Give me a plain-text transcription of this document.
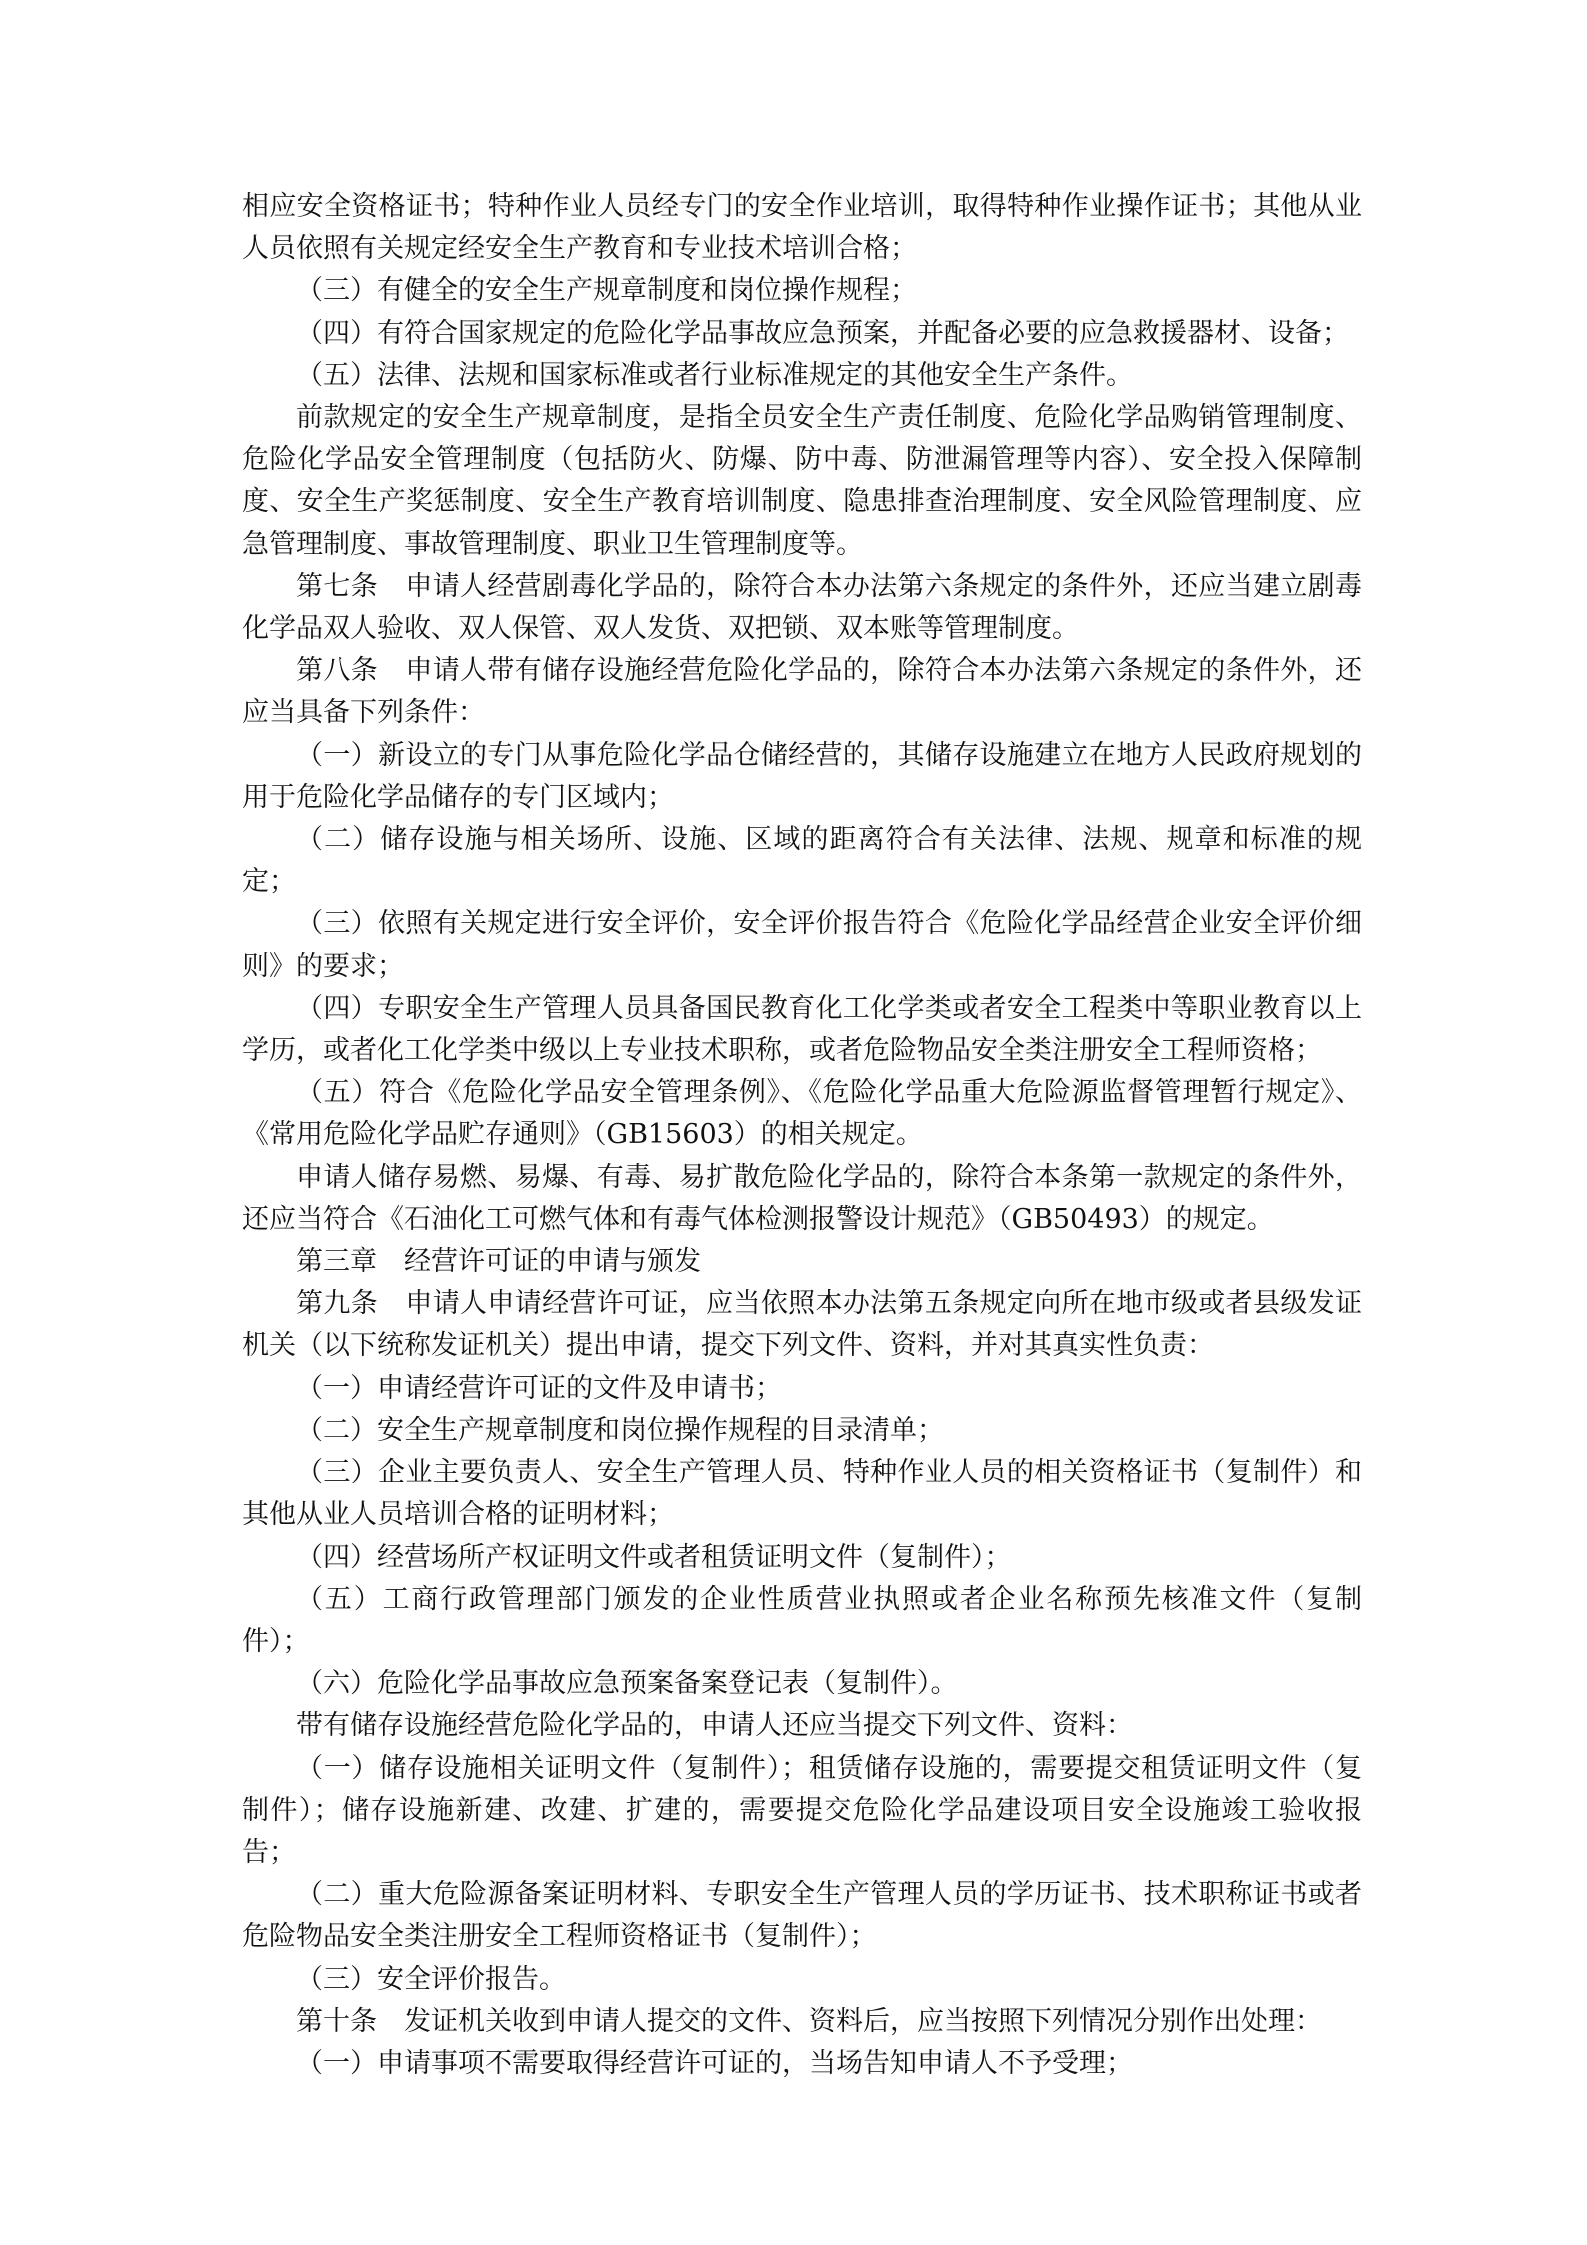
相应安全资格证书；特种作业人员经专门的安全作业培训，取得特种作业操作证书；其他从业人员依照有关规定经安全生产教育和专业技术培训合格；

（三）有健全的安全生产规章制度和岗位操作规程；

（四）有符合国家规定的危险化学品事故应急预案，并配备必要的应急救援器材、设备；

（五）法律、法规和国家标准或者行业标准规定的其他安全生产条件。

前款规定的安全生产规章制度，是指全员安全生产责任制度、危险化学品购销管理制度、危险化学品安全管理制度（包括防火、防爆、防中毒、防泄漏管理等内容）、安全投入保障制度、安全生产奖惩制度、安全生产教育培训制度、隐患排查治理制度、安全风险管理制度、应急管理制度、事故管理制度、职业卫生管理制度等。

第七条　申请人经营剧毒化学品的，除符合本办法第六条规定的条件外，还应当建立剧毒化学品双人验收、双人保管、双人发货、双把锁、双本账等管理制度。

第八条　申请人带有储存设施经营危险化学品的，除符合本办法第六条规定的条件外，还应当具备下列条件：

（一）新设立的专门从事危险化学品仓储经营的，其储存设施建立在地方人民政府规划的用于危险化学品储存的专门区域内；

（二）储存设施与相关场所、设施、区域的距离符合有关法律、法规、规章和标准的规定；

（三）依照有关规定进行安全评价，安全评价报告符合《危险化学品经营企业安全评价细则》的要求；

（四）专职安全生产管理人员具备国民教育化工化学类或者安全工程类中等职业教育以上学历，或者化工化学类中级以上专业技术职称，或者危险物品安全类注册安全工程师资格；

（五）符合《危险化学品安全管理条例》、《危险化学品重大危险源监督管理暂行规定》、《常用危险化学品贮存通则》（GB15603）的相关规定。

申请人储存易燃、易爆、有毒、易扩散危险化学品的，除符合本条第一款规定的条件外，还应当符合《石油化工可燃气体和有毒气体检测报警设计规范》（GB50493）的规定。

第三章　经营许可证的申请与颁发

第九条　申请人申请经营许可证，应当依照本办法第五条规定向所在地市级或者县级发证机关（以下统称发证机关）提出申请，提交下列文件、资料，并对其真实性负责：

（一）申请经营许可证的文件及申请书；

（二）安全生产规章制度和岗位操作规程的目录清单；

（三）企业主要负责人、安全生产管理人员、特种作业人员的相关资格证书（复制件）和其他从业人员培训合格的证明材料；

（四）经营场所产权证明文件或者租赁证明文件（复制件）；

（五）工商行政管理部门颁发的企业性质营业执照或者企业名称预先核准文件（复制件）；

（六）危险化学品事故应急预案备案登记表（复制件）。

带有储存设施经营危险化学品的，申请人还应当提交下列文件、资料：

（一）储存设施相关证明文件（复制件）；租赁储存设施的，需要提交租赁证明文件（复制件）；储存设施新建、改建、扩建的，需要提交危险化学品建设项目安全设施竣工验收报告；

（二）重大危险源备案证明材料、专职安全生产管理人员的学历证书、技术职称证书或者危险物品安全类注册安全工程师资格证书（复制件）；

（三）安全评价报告。

第十条　发证机关收到申请人提交的文件、资料后，应当按照下列情况分别作出处理：

（一）申请事项不需要取得经营许可证的，当场告知申请人不予受理；
